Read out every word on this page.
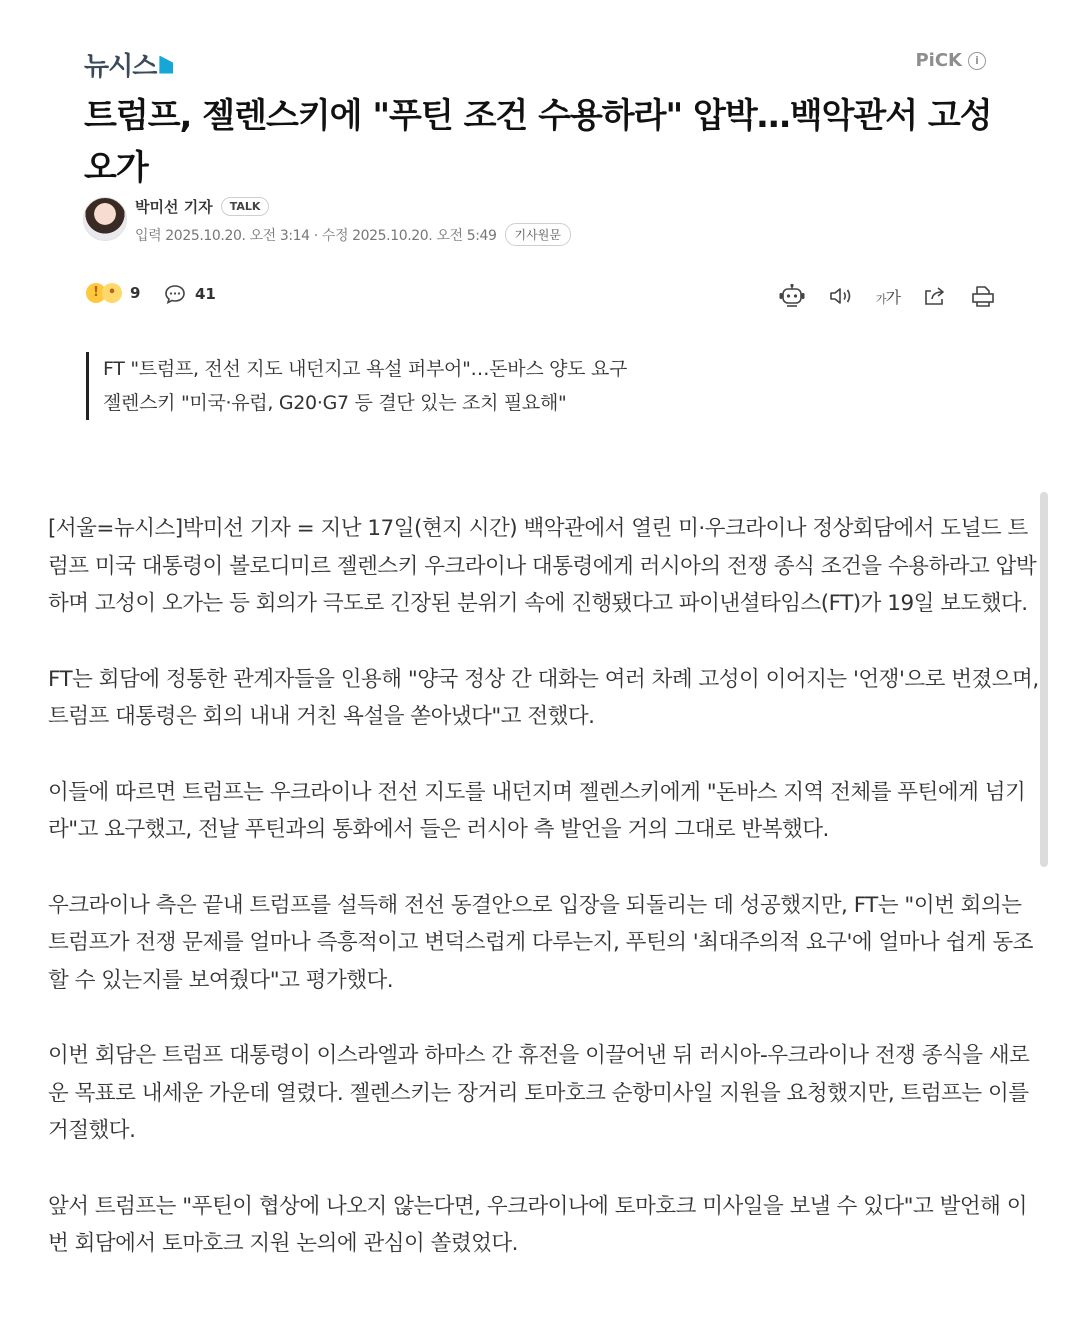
뉴시스	PiCK	i
트럼프, 젤렌스키에 "푸틴 조건 수용하라" 압박…백악관서 고성 오가
박미선 기자	TALK
입력 2025.10.20. 오전 3:14 · 수정 2025.10.20. 오전 5:49	기사원문
! • 9	41	가가

FT "트럼프, 전선 지도 내던지고 욕설 퍼부어"…돈바스 양도 요구

젤렌스키 "미국·유럽, G20·G7 등 결단 있는 조치 필요해"

[서울=뉴시스]박미선 기자 = 지난 17일(현지 시간) 백악관에서 열린 미·우크라이나 정상회담에서 도널드 트럼프 미국 대통령이 볼로디미르 젤렌스키 우크라이나 대통령에게 러시아의 전쟁 종식 조건을 수용하라고 압박하며 고성이 오가는 등 회의가 극도로 긴장된 분위기 속에 진행됐다고 파이낸셜타임스(FT)가 19일 보도했다.

FT는 회담에 정통한 관계자들을 인용해 "양국 정상 간 대화는 여러 차례 고성이 이어지는 '언쟁'으로 번졌으며, 트럼프 대통령은 회의 내내 거친 욕설을 쏟아냈다"고 전했다.

이들에 따르면 트럼프는 우크라이나 전선 지도를 내던지며 젤렌스키에게 "돈바스 지역 전체를 푸틴에게 넘기라"고 요구했고, 전날 푸틴과의 통화에서 들은 러시아 측 발언을 거의 그대로 반복했다.

우크라이나 측은 끝내 트럼프를 설득해 전선 동결안으로 입장을 되돌리는 데 성공했지만, FT는 "이번 회의는 트럼프가 전쟁 문제를 얼마나 즉흥적이고 변덕스럽게 다루는지, 푸틴의 '최대주의적 요구'에 얼마나 쉽게 동조할 수 있는지를 보여줬다"고 평가했다.

이번 회담은 트럼프 대통령이 이스라엘과 하마스 간 휴전을 이끌어낸 뒤 러시아-우크라이나 전쟁 종식을 새로운 목표로 내세운 가운데 열렸다. 젤렌스키는 장거리 토마호크 순항미사일 지원을 요청했지만, 트럼프는 이를 거절했다.

앞서 트럼프는 "푸틴이 협상에 나오지 않는다면, 우크라이나에 토마호크 미사일을 보낼 수 있다"고 발언해 이번 회담에서 토마호크 지원 논의에 관심이 쏠렸었다.
